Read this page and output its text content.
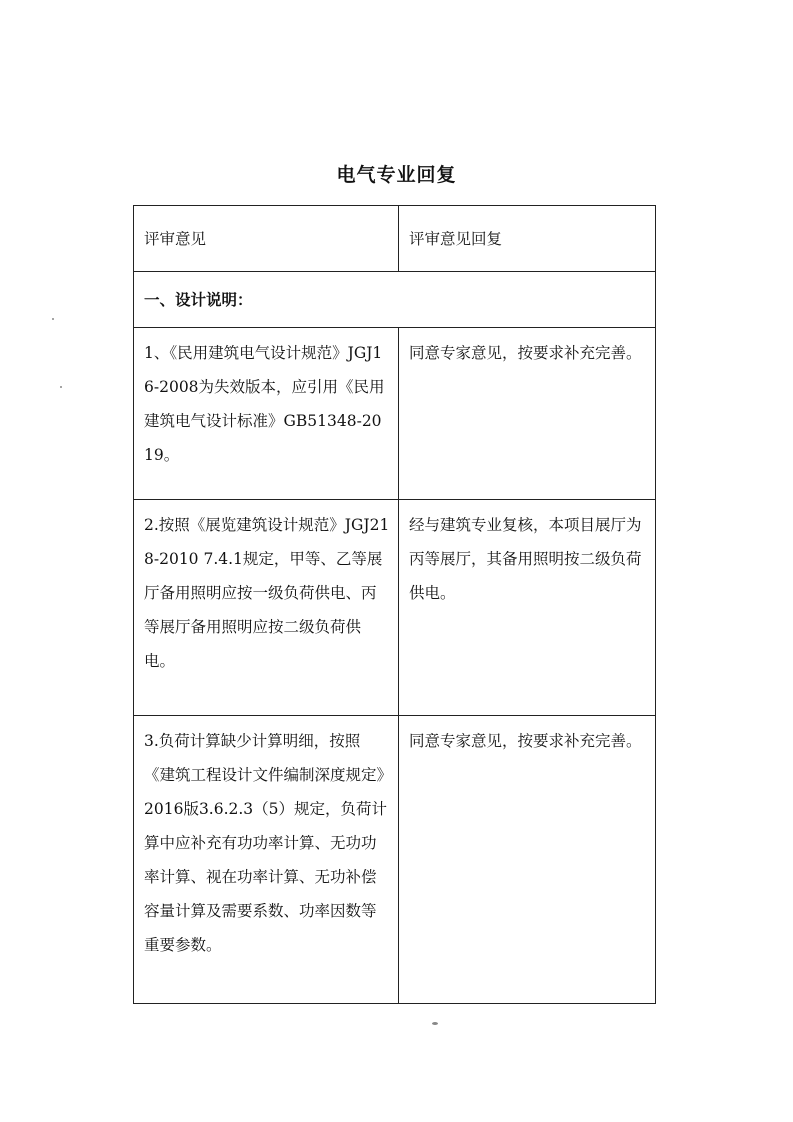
电气专业回复
评审意见	评审意见回复
一、设计说明：	
1、《民用建筑电气设计规范》JGJ16-2008为失效版本，应引用《民用建筑电气设计标准》GB51348-2019。	同意专家意见，按要求补充完善。
2.按照《展览建筑设计规范》JGJ218-2010 7.4.1规定，甲等、乙等展厅备用照明应按一级负荷供电、丙等展厅备用照明应按二级负荷供电。	经与建筑专业复核，本项目展厅为丙等展厅，其备用照明按二级负荷供电。
3.负荷计算缺少计算明细，按照《建筑工程设计文件编制深度规定》2016版3.6.2.3（5）规定，负荷计算中应补充有功功率计算、无功功率计算、视在功率计算、无功补偿容量计算及需要系数、功率因数等重要参数。	同意专家意见，按要求补充完善。
